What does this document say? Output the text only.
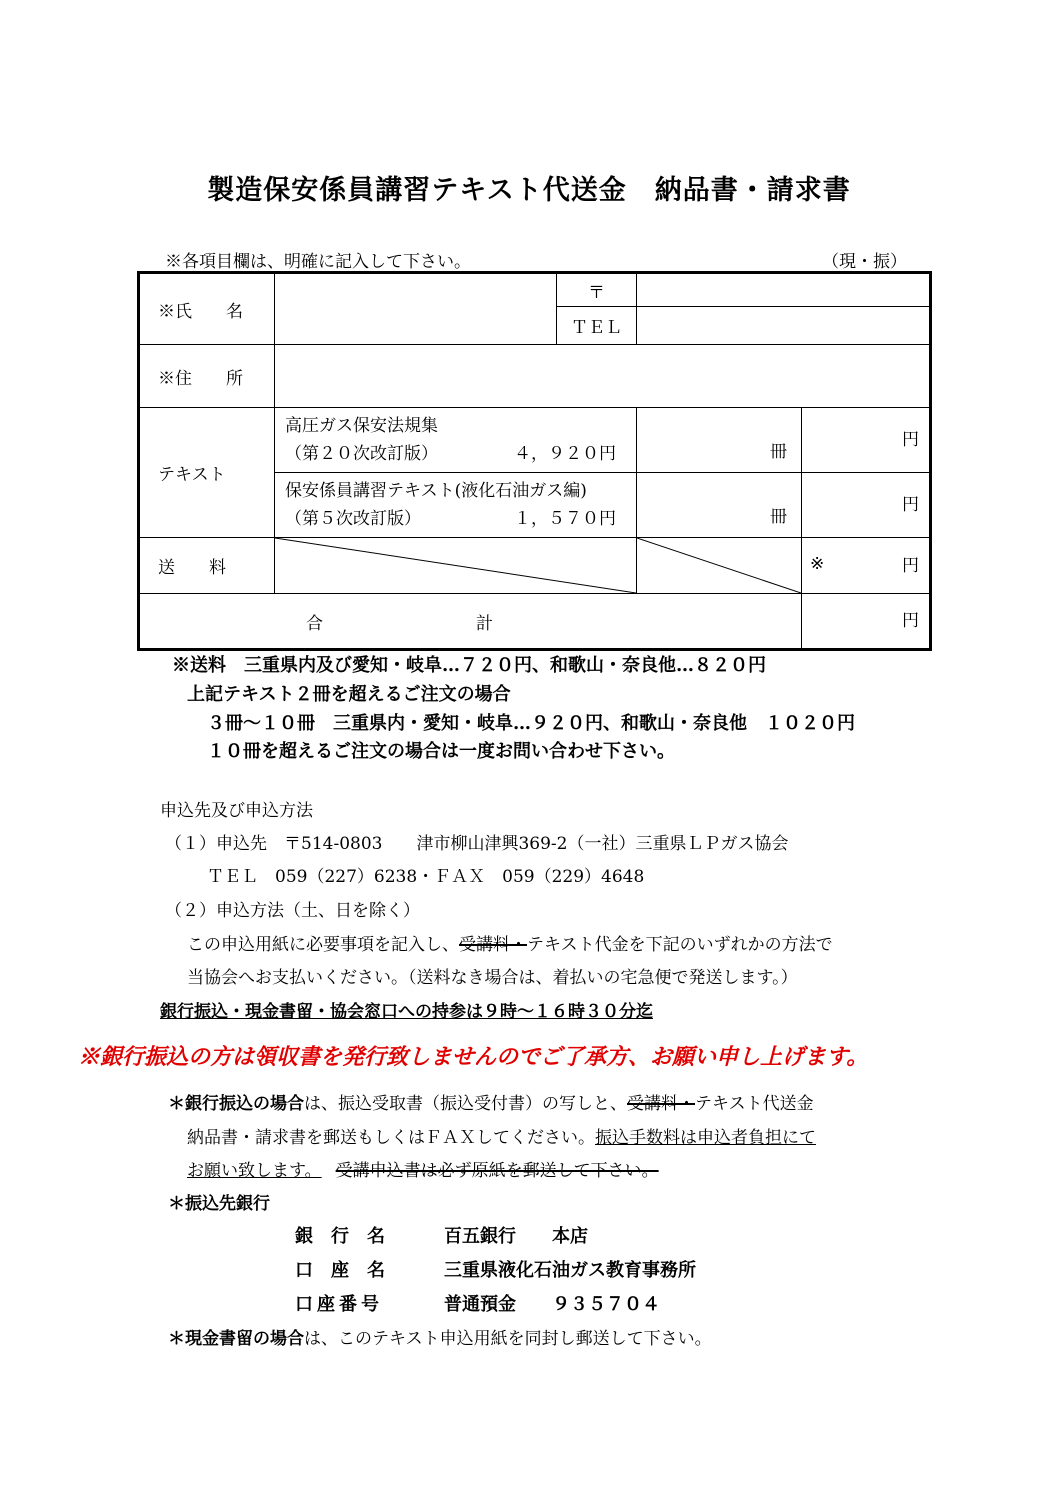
製造保安係員講習テキスト代送金　納品書・請求書
※各項目欄は、明確に記入して下さい。	（現・振）
※氏　　名		〒		
		ＴＥＬ		
※住　　所				
テキスト	高圧ガス保安法規集
（第２０次改訂版） ４，９２０円		冊	円

	保安係員講習テキスト(液化石油ガス編)
（第５次改訂版） １，５７０円		冊	円

送　　料				※ 円

合　　　　　　　　　計				円
※送料　三重県内及び愛知・岐阜…７２０円、和歌山・奈良他…８２０円
上記テキスト２冊を超えるご注文の場合
３冊～１０冊　三重県内・愛知・岐阜…９２０円、和歌山・奈良他　１０２０円
１０冊を超えるご注文の場合は一度お問い合わせ下さい。
申込先及び申込方法
（１）申込先　〒514-0803　　津市柳山津興369-2（一社）三重県ＬＰガス協会
ＴＥＬ　059（227）6238・ＦＡＸ　059（229）4648
（２）申込方法（土、日を除く）
この申込用紙に必要事項を記入し、受講料・テキスト代金を下記のいずれかの方法で
当協会へお支払いください。（送料なき場合は、着払いの宅急便で発送します。）
銀行振込・現金書留・協会窓口への持参は９時～１６時３０分迄
※銀行振込の方は領収書を発行致しませんのでご了承方、お願い申し上げます。
＊銀行振込の場合は、振込受取書（振込受付書）の写しと、受講料・テキスト代送金
納品書・請求書を郵送もしくはＦＡＸしてください。振込手数料は申込者負担にて
お願い致します。 受講申込書は必ず原紙を郵送して下さい。
＊振込先銀行
銀　行　名	百五銀行　　本店
口　座　名	三重県液化石油ガス教育事務所
口座番号	普通預金　　９３５７０４
＊現金書留の場合は、このテキスト申込用紙を同封し郵送して下さい。
